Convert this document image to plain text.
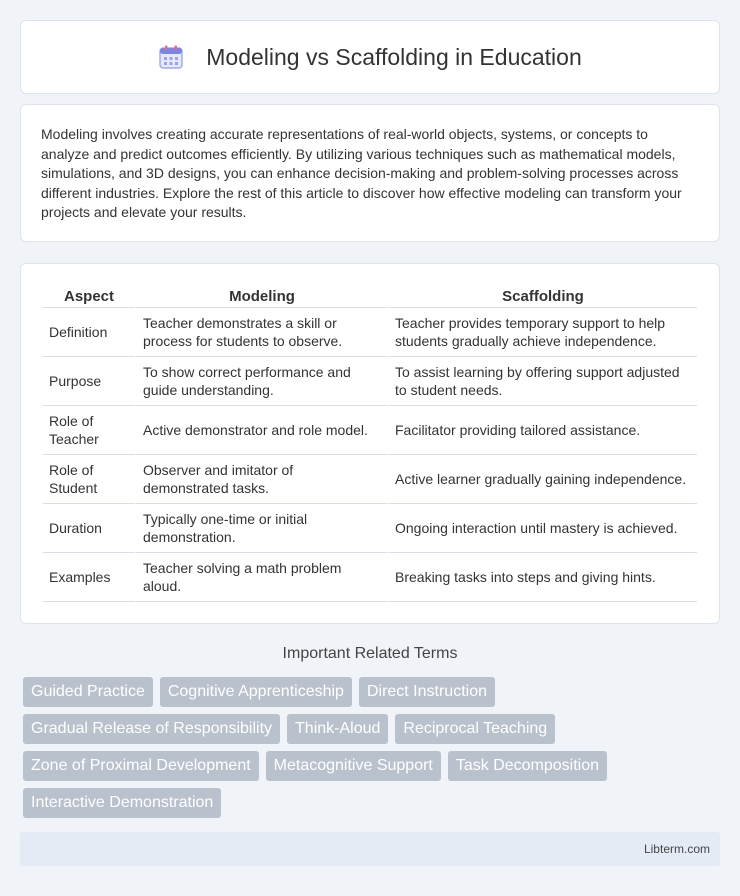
Modeling vs Scaffolding in Education

Modeling involves creating accurate representations of real-world objects, systems, or concepts to analyze and predict outcomes efficiently. By utilizing various techniques such as mathematical models, simulations, and 3D designs, you can enhance decision-making and problem-solving processes across different industries. Explore the rest of this article to discover how effective modeling can transform your projects and elevate your results.

Aspect	Modeling	Scaffolding
Definition	Teacher demonstrates a skill or process for students to observe.	Teacher provides temporary support to help students gradually achieve independence.
Purpose	To show correct performance and guide understanding.	To assist learning by offering support adjusted to student needs.
Role of Teacher	Active demonstrator and role model.	Facilitator providing tailored assistance.
Role of Student	Observer and imitator of demonstrated tasks.	Active learner gradually gaining independence.
Duration	Typically one-time or initial demonstration.	Ongoing interaction until mastery is achieved.
Examples	Teacher solving a math problem aloud.	Breaking tasks into steps and giving hints.
Important Related Terms
Guided Practice	Cognitive Apprenticeship	Direct Instruction
Gradual Release of Responsibility	Think-Aloud	Reciprocal Teaching
Zone of Proximal Development	Metacognitive Support	Task Decomposition
Interactive Demonstration
Libterm.com
